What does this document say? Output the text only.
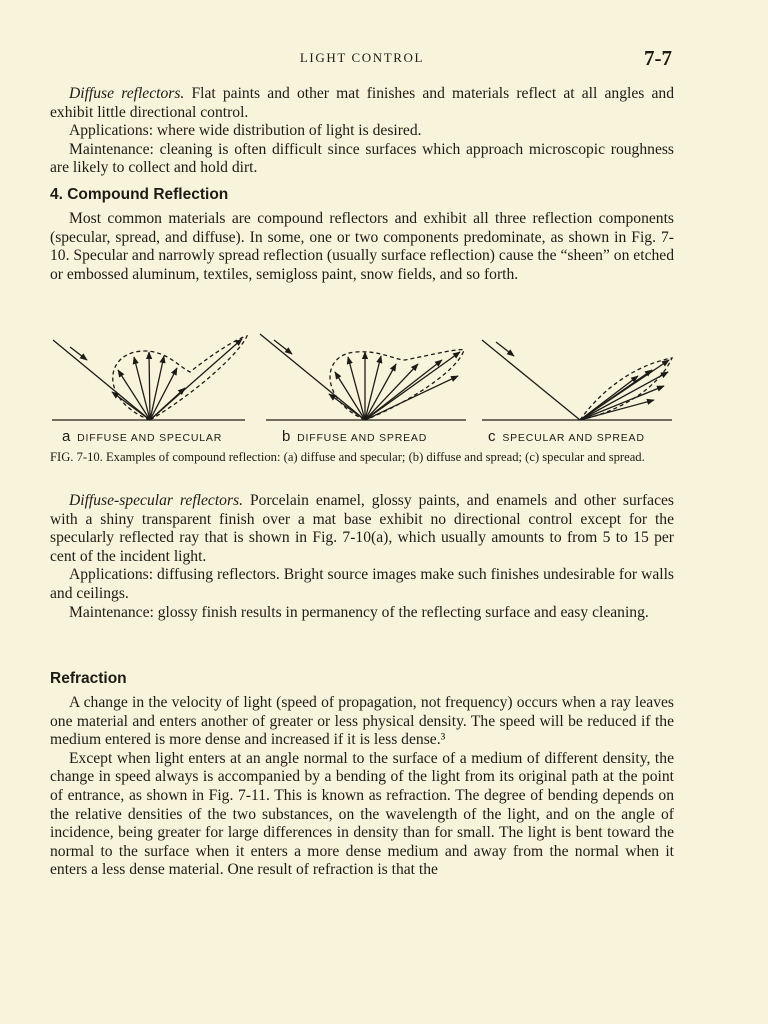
LIGHT CONTROL	7-7

Diffuse reflectors. Flat paints and other mat finishes and materials reflect at all angles and exhibit little directional control.

Applications: where wide distribution of light is desired.

Maintenance: cleaning is often difficult since surfaces which approach microscopic roughness are likely to collect and hold dirt.

4. Compound Reflection

Most common materials are compound reflectors and exhibit all three reflection components (specular, spread, and diffuse). In some, one or two components predominate, as shown in Fig. 7-10. Specular and narrowly spread reflection (usually surface reflection) cause the “sheen” on etched or embossed aluminum, textiles, semigloss paint, snow fields, and so forth.

a DIFFUSE AND SPECULAR	b DIFFUSE AND SPREAD	c SPECULAR AND SPREAD

FIG. 7-10. Examples of compound reflection: (a) diffuse and specular; (b) diffuse and spread; (c) specular and spread.

Diffuse-specular reflectors. Porcelain enamel, glossy paints, and enamels and other surfaces with a shiny transparent finish over a mat base exhibit no directional control except for the specularly reflected ray that is shown in Fig. 7-10(a), which usually amounts to from 5 to 15 per cent of the incident light.

Applications: diffusing reflectors. Bright source images make such finishes undesirable for walls and ceilings.

Maintenance: glossy finish results in permanency of the reflecting surface and easy cleaning.

Refraction

A change in the velocity of light (speed of propagation, not frequency) occurs when a ray leaves one material and enters another of greater or less physical density. The speed will be reduced if the medium entered is more dense and increased if it is less dense.³

Except when light enters at an angle normal to the surface of a medium of different density, the change in speed always is accompanied by a bending of the light from its original path at the point of entrance, as shown in Fig. 7-11. This is known as refraction. The degree of bending depends on the relative densities of the two substances, on the wavelength of the light, and on the angle of incidence, being greater for large differences in density than for small. The light is bent toward the normal to the surface when it enters a more dense medium and away from the normal when it enters a less dense material. One result of refraction is that the
